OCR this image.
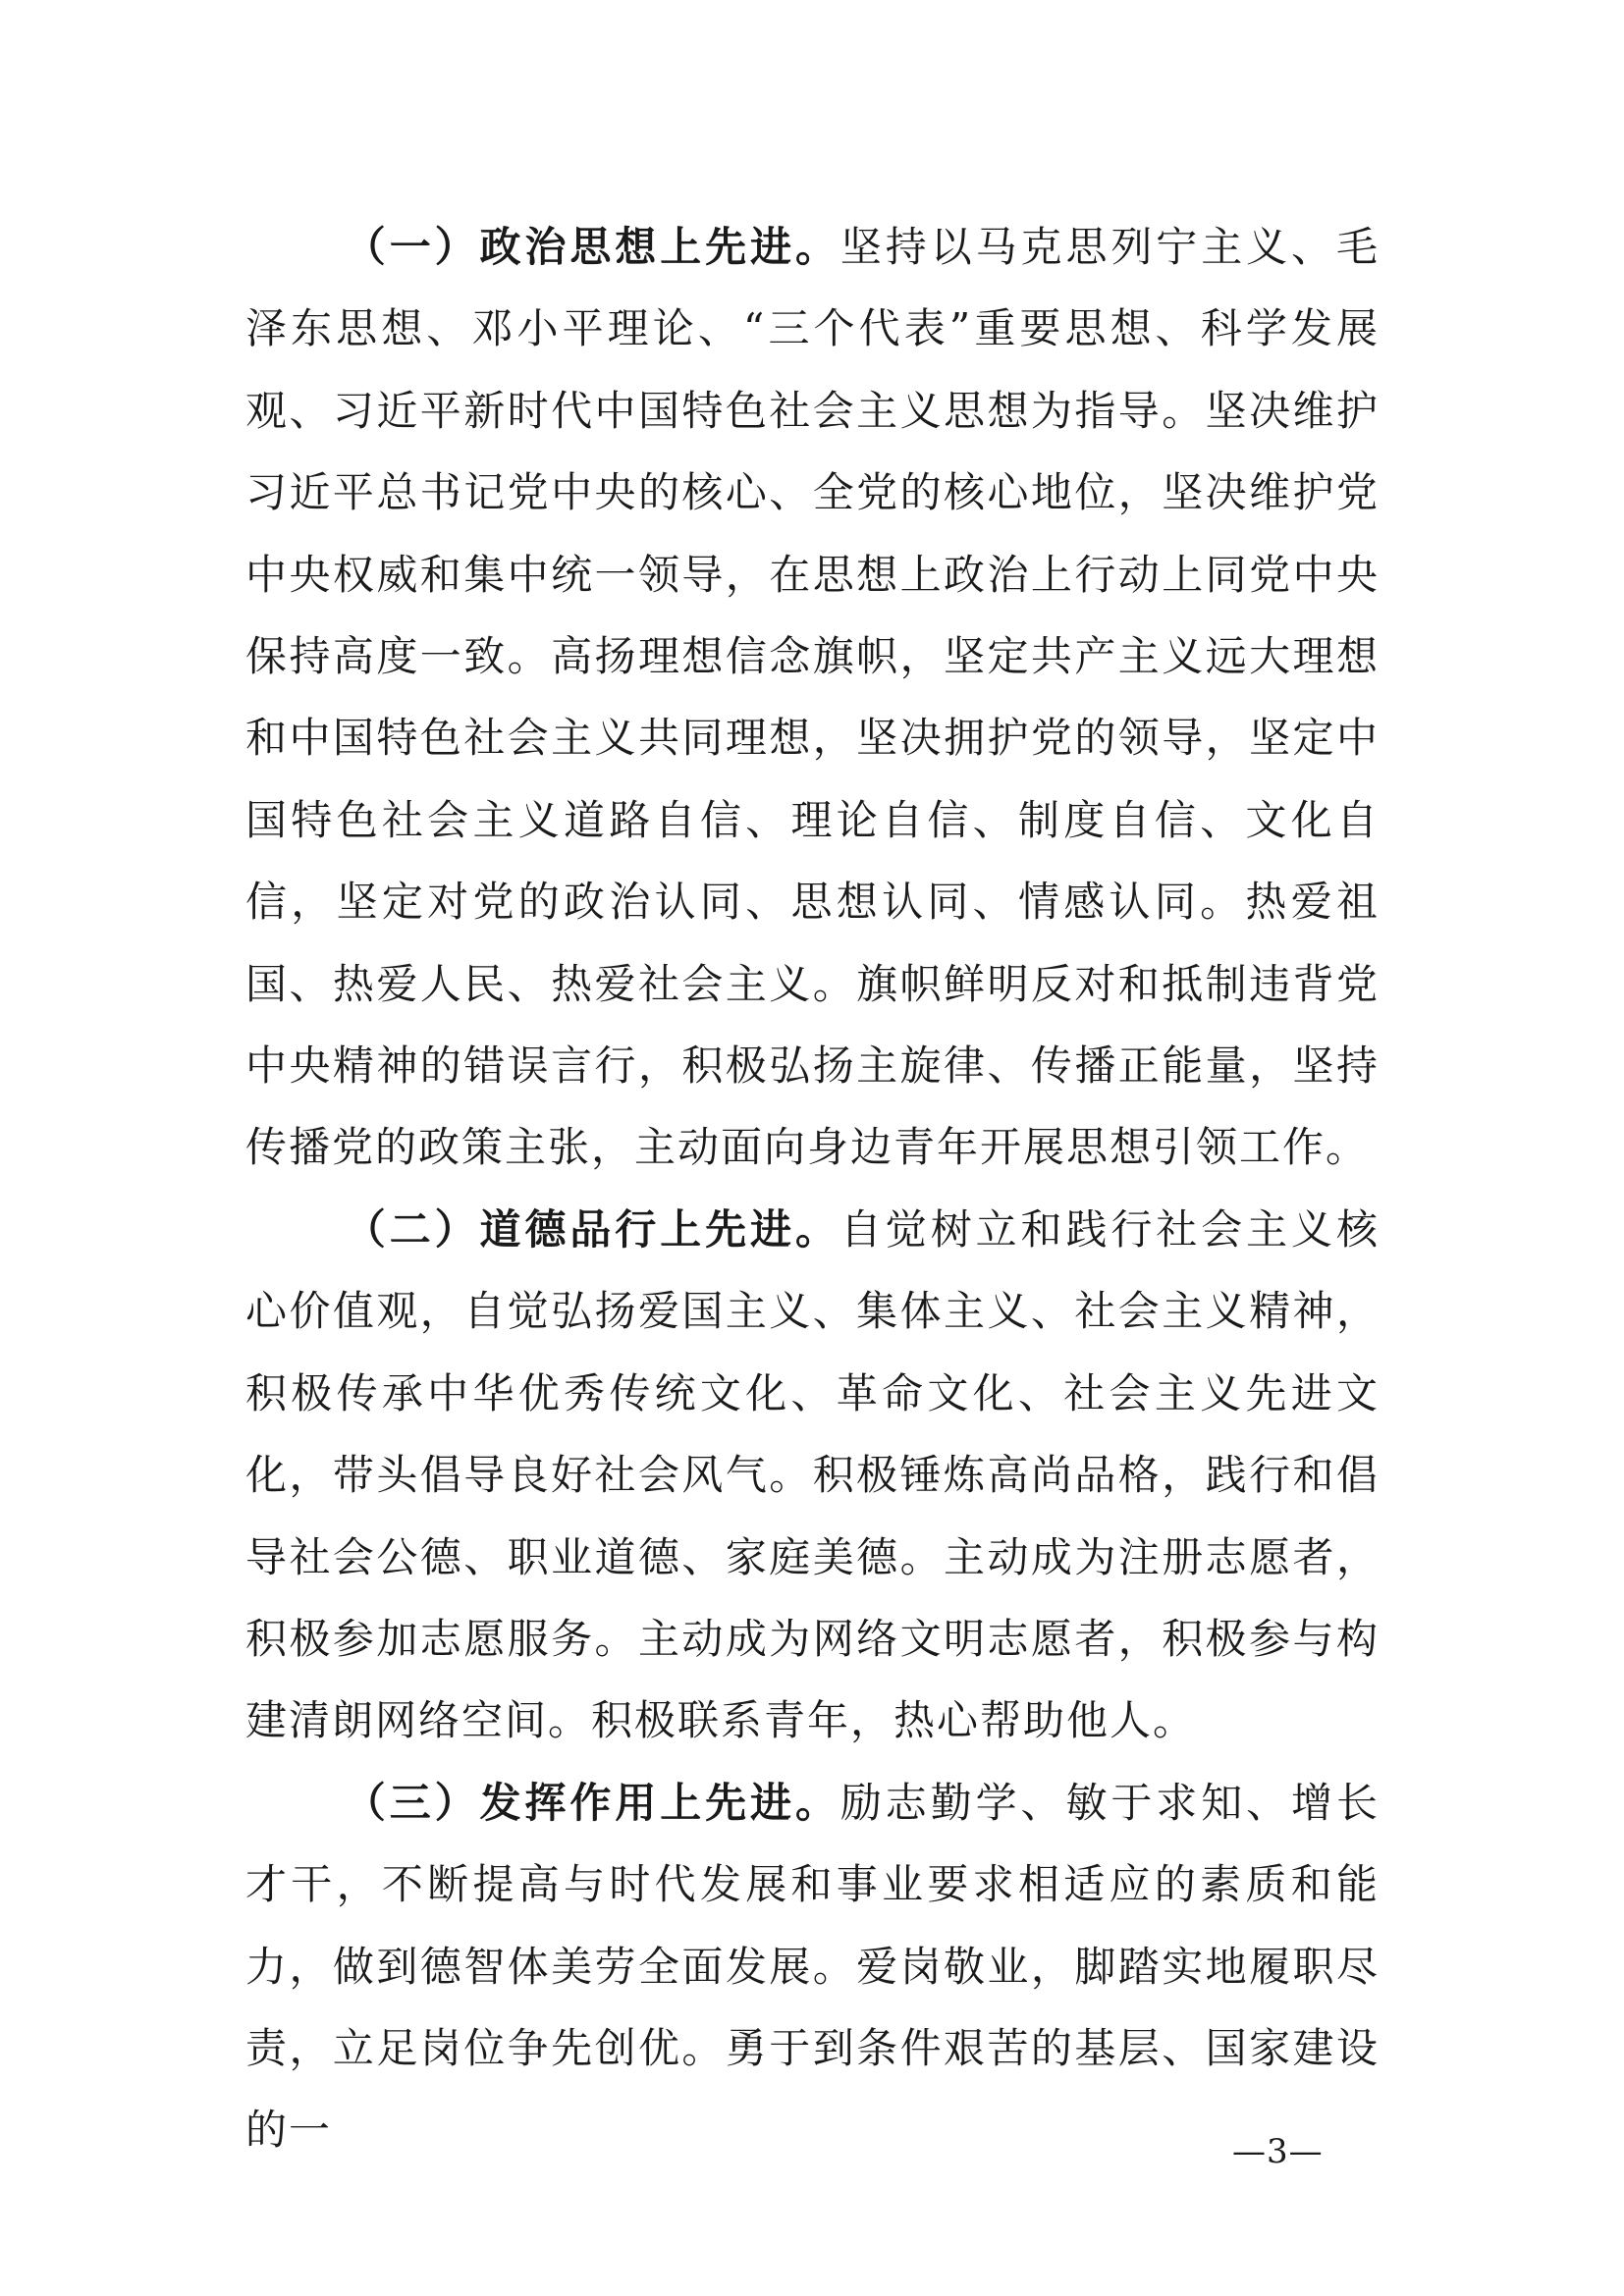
（一）政治思想上先进。坚持以马克思列宁主义、毛泽东思想、邓小平理论、“三个代表”重要思想、科学发展观、习近平新时代中国特色社会主义思想为指导。坚决维护习近平总书记党中央的核心、全党的核心地位，坚决维护党中央权威和集中统一领导，在思想上政治上行动上同党中央保持高度一致。高扬理想信念旗帜，坚定共产主义远大理想和中国特色社会主义共同理想，坚决拥护党的领导，坚定中国特色社会主义道路自信、理论自信、制度自信、文化自信，坚定对党的政治认同、思想认同、情感认同。热爱祖国、热爱人民、热爱社会主义。旗帜鲜明反对和抵制违背党中央精神的错误言行，积极弘扬主旋律、传播正能量，坚持传播党的政策主张，主动面向身边青年开展思想引领工作。

（二）道德品行上先进。自觉树立和践行社会主义核心价值观，自觉弘扬爱国主义、集体主义、社会主义精神，积极传承中华优秀传统文化、革命文化、社会主义先进文化，带头倡导良好社会风气。积极锤炼高尚品格，践行和倡导社会公德、职业道德、家庭美德。主动成为注册志愿者，积极参加志愿服务。主动成为网络文明志愿者，积极参与构建清朗网络空间。积极联系青年，热心帮助他人。

（三）发挥作用上先进。励志勤学、敏于求知、增长才干，不断提高与时代发展和事业要求相适应的素质和能力，做到德智体美劳全面发展。爱岗敬业，脚踏实地履职尽责，立足岗位争先创优。勇于到条件艰苦的基层、国家建设的一	—3—
